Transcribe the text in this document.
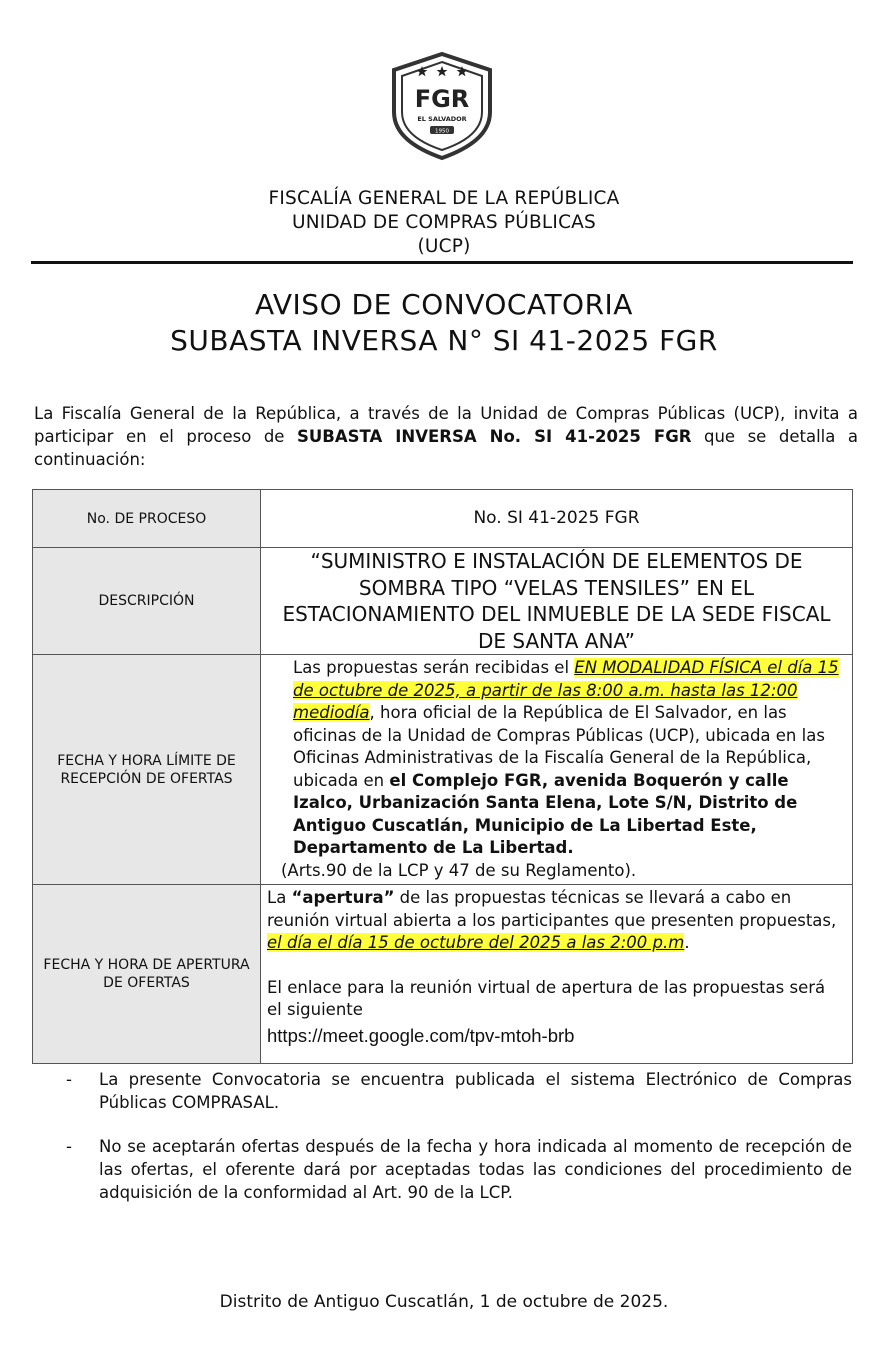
FGR
EL SALVADOR
1950
FISCALÍA GENERAL DE LA REPÚBLICA
UNIDAD DE COMPRAS PÚBLICAS
(UCP)
AVISO DE CONVOCATORIA
SUBASTA INVERSA N° SI 41-2025 FGR

La Fiscalía General de la República, a través de la Unidad de Compras Públicas (UCP), invita a participar en el proceso de SUBASTA INVERSA No. SI 41-2025 FGR que se detalla a continuación:

No. DE PROCESO	No. SI 41-2025 FGR
DESCRIPCIÓN	“SUMINISTRO E INSTALACIÓN DE ELEMENTOS DE SOMBRA TIPO “VELAS TENSILES” EN EL ESTACIONAMIENTO DEL INMUEBLE DE LA SEDE FISCAL DE SANTA ANA”
FECHA Y HORA LÍMITE DE RECEPCIÓN DE OFERTAS	Las propuestas serán recibidas el EN MODALIDAD FÍSICA el día 15 de octubre de 2025, a partir de las 8:00 a.m. hasta las 12:00 mediodía, hora oficial de la República de El Salvador, en las oficinas de la Unidad de Compras Públicas (UCP), ubicada en las Oficinas Administrativas de la Fiscalía General de la República, ubicada en el Complejo FGR, avenida Boquerón y calle Izalco, Urbanización Santa Elena, Lote S/N, Distrito de Antiguo Cuscatlán, Municipio de La Libertad Este, Departamento de La Libertad.
(Arts.90 de la LCP y 47 de su Reglamento).

FECHA Y HORA DE APERTURA DE OFERTAS	La “apertura” de las propuestas técnicas se llevará a cabo en reunión virtual abierta a los participantes que presenten propuestas, el día el día 15 de octubre del 2025 a las 2:00 p.m.
El enlace para la reunión virtual de apertura de las propuestas será el siguiente
https://meet.google.com/tpv-mtoh-brb
- La presente Convocatoria se encuentra publicada el sistema Electrónico de Compras Públicas COMPRASAL.
- No se aceptarán ofertas después de la fecha y hora indicada al momento de recepción de las ofertas, el oferente dará por aceptadas todas las condiciones del procedimiento de adquisición de la conformidad al Art. 90 de la LCP.
Distrito de Antiguo Cuscatlán, 1 de octubre de 2025.
